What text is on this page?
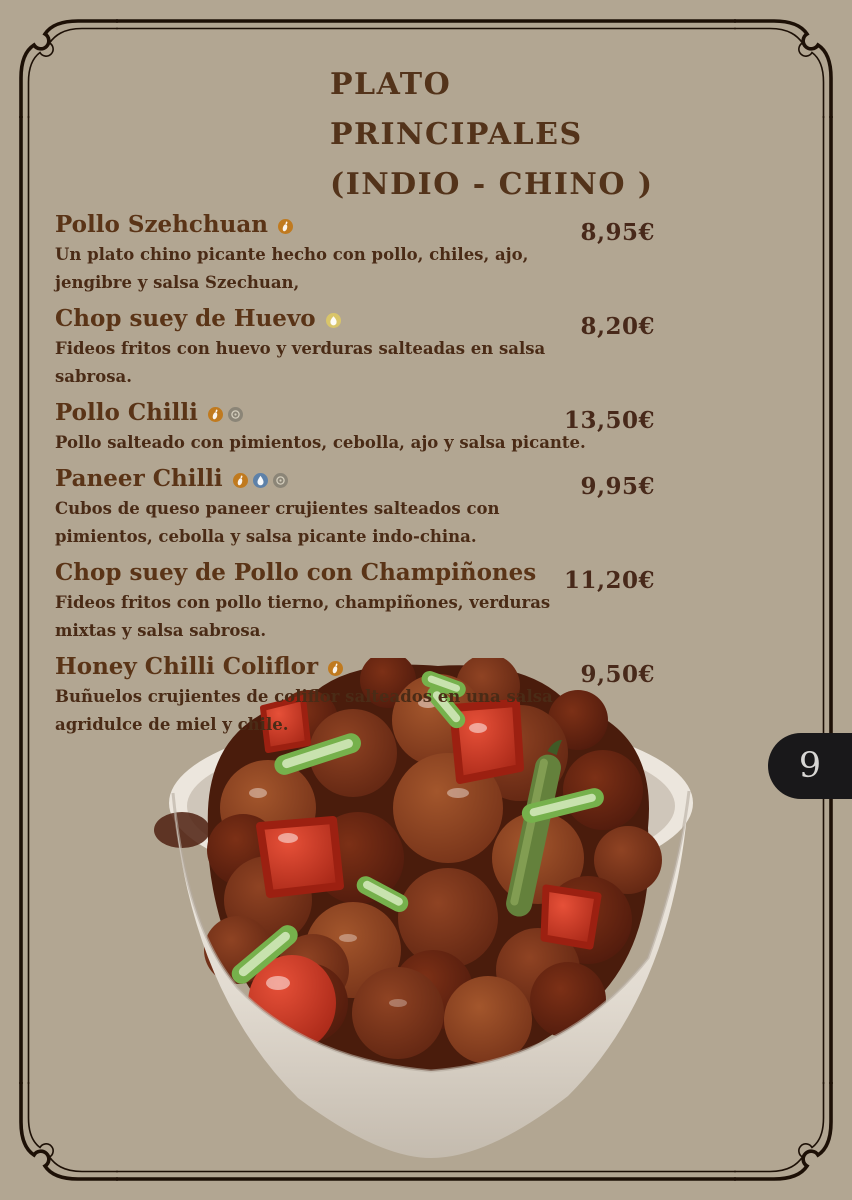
PLATO
PRINCIPALES
(INDIO - CHINO )
Pollo Szehchuan	8,95€
Un plato chino picante hecho con pollo, chiles, ajo, jengibre y salsa Szechuan,
Chop suey de Huevo	8,20€
Fideos fritos con huevo y verduras salteadas en salsa sabrosa.
Pollo Chilli	13,50€
Pollo salteado con pimientos, cebolla, ajo y salsa picante.
Paneer Chilli	9,95€
Cubos de queso paneer crujientes salteados con pimientos, cebolla y salsa picante indo-china.
Chop suey de Pollo con Champiñones 11,20€
Fideos fritos con pollo tierno, champiñones, verduras mixtas y salsa sabrosa.
Honey Chilli Coliflor	9,50€
Buñuelos crujientes de coliflor salteados en una salsa agridulce de miel y chile.
9
